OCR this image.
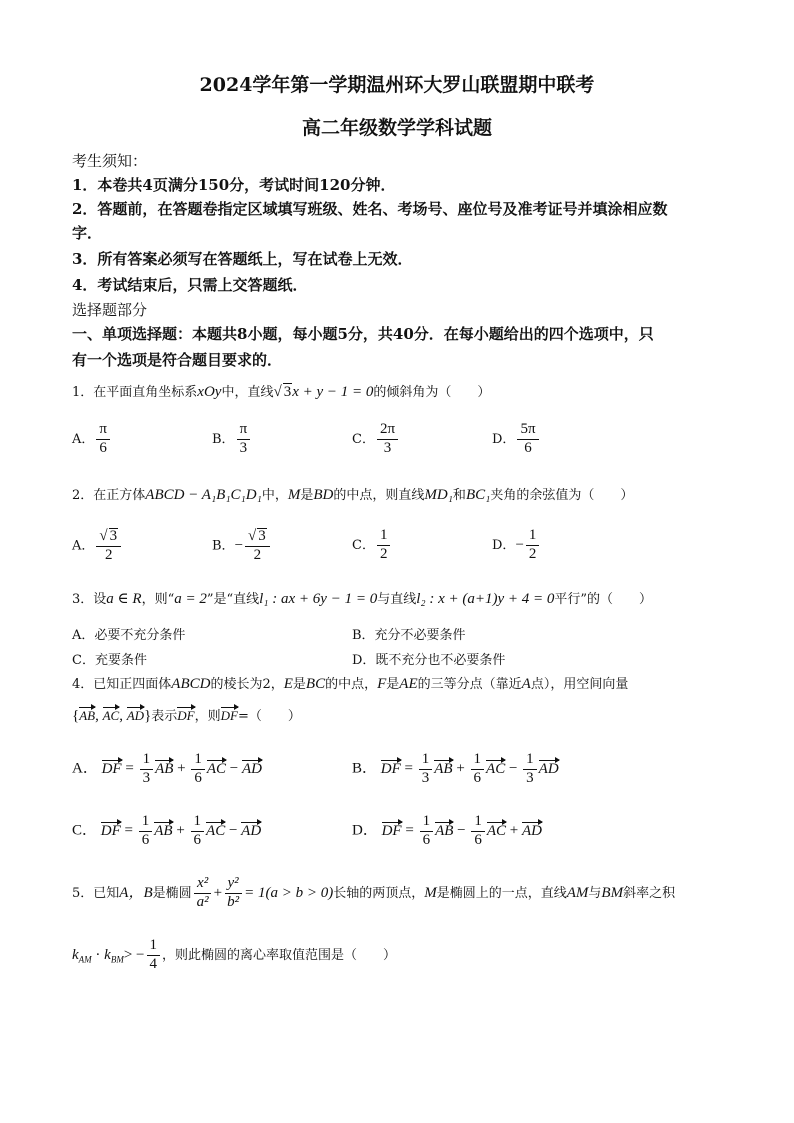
2024学年第一学期温州环大罗山联盟期中联考
高二年级数学学科试题
考生须知：
1．本卷共4页满分150分，考试时间120分钟．
2．答题前，在答题卷指定区域填写班级、姓名、考场号、座位号及准考证号并填涂相应数
字．
3．所有答案必须写在答题纸上，写在试卷上无效．
4．考试结束后，只需上交答题纸．
选择题部分
一、单项选择题：本题共8小题，每小题5分，共40分．在每小题给出的四个选项中，只
有一个选项是符合题目要求的．
1．在平面直角坐标系xOy中，直线√ 3x + y − 1 = 0的倾斜角为（　　）
A． $\frac{\pi}{6}$	B． $\frac{\pi}{3}$	C． $\frac{2\pi}{3}$	D． $\frac{5\pi}{6}$
2．在正方体ABCD − A₁B₁C₁D₁中，M是BD的中点，则直线MD₁和BC₁夹角的余弦值为（　　）
A． $\frac{√ 3}{2}$	B．− $\frac{√ 3}{2}$	C． $\frac{1}{2}$	D．− $\frac{1}{2}$
3．设a ∈ R，则“a = 2”是“直线l₁ : ax + 6y − 1 = 0与直线l₂ : x + (a+1)y + 4 = 0平行”的（　　）
A．必要不充分条件	B．充分不必要条件
C．充要条件	D．既不充分也不必要条件
4．已知正四面体ABCD的棱长为2，E是BC的中点，F是AE的三等分点（靠近A点），用空间向量
{AB, AC, AD}表示DF，则DF=（　　）
A． DF = $\frac{1}{3}$ AB + $\frac{1}{6}$ AC − AD	B． DF = $\frac{1}{3}$ AB + $\frac{1}{6}$ AC − $\frac{1}{3}$ AD
C． DF = $\frac{1}{6}$ AB + $\frac{1}{6}$ AC − AD	D． DF = $\frac{1}{6}$ AB − $\frac{1}{6}$ AC + AD
5．已知A，B是椭圆 $\frac{\text{x²}}{\text{a²}} + \frac{\text{y²}}{\text{b²}} = 1(a > b > 0)$长轴的两顶点，M是椭圆上的一点，直线AM与BM斜率之积
$k_{AM} \cdot k_{BM}> - \frac{1}{4}$ ，则此椭圆的离心率取值范围是（　　）
